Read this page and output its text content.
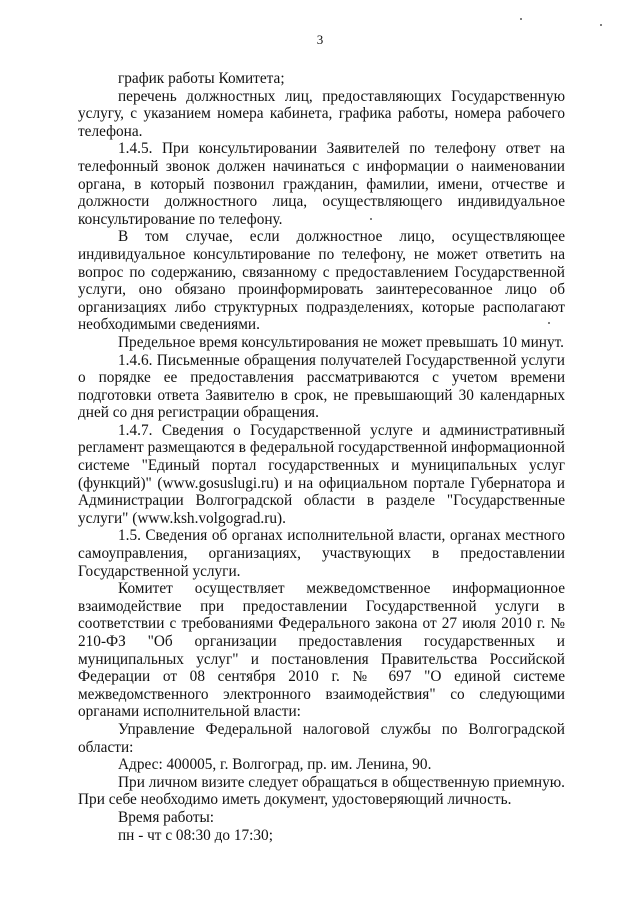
3

график работы Комитета;

перечень должностных лиц, предоставляющих Государственную услугу, с указанием номера кабинета, графика работы, номера рабочего телефона.

1.4.5. При консультировании Заявителей по телефону ответ на телефонный звонок должен начинаться с информации о наименовании органа, в который позвонил гражданин, фамилии, имени, отчестве и должности должностного лица, осуществляющего индивидуальное консультирование по телефону.

В том случае, если должностное лицо, осуществляющее индивидуальное консультирование по телефону, не может ответить на вопрос по содержанию, связанному с предоставлением Государственной услуги, оно обязано проинформировать заинтересованное лицо об организациях либо структурных подразделениях, которые располагают необходимыми сведениями.

Предельное время консультирования не может превышать 10 минут.

1.4.6. Письменные обращения получателей Государственной услуги о порядке ее предоставления рассматриваются с учетом времени подготовки ответа Заявителю в срок, не превышающий 30 календарных дней со дня регистрации обращения.

1.4.7. Сведения о Государственной услуге и административный регламент размещаются в федеральной государственной информационной системе "Единый портал государственных и муниципальных услуг (функций)" (www.gosuslugi.ru) и на официальном портале Губернатора и Администрации Волгоградской области в разделе "Государственные услуги" (www.ksh.volgograd.ru).

1.5. Сведения об органах исполнительной власти, органах местного самоуправления, организациях, участвующих в предоставлении Государственной услуги.

Комитет осуществляет межведомственное информационное взаимодействие при предоставлении Государственной услуги в соответствии с требованиями Федерального закона от 27 июля 2010 г. № 210-ФЗ "Об организации предоставления государственных и муниципальных услуг" и постановления Правительства Российской Федерации от 08 сентября 2010 г. № 697 "О единой системе межведомственного электронного взаимодействия" со следующими органами исполнительной власти:

Управление Федеральной налоговой службы по Волгоградской области:

Адрес: 400005, г. Волгоград, пр. им. Ленина, 90.

При личном визите следует обращаться в общественную приемную. При себе необходимо иметь документ, удостоверяющий личность.

Время работы:

пн - чт с 08:30 до 17:30;
